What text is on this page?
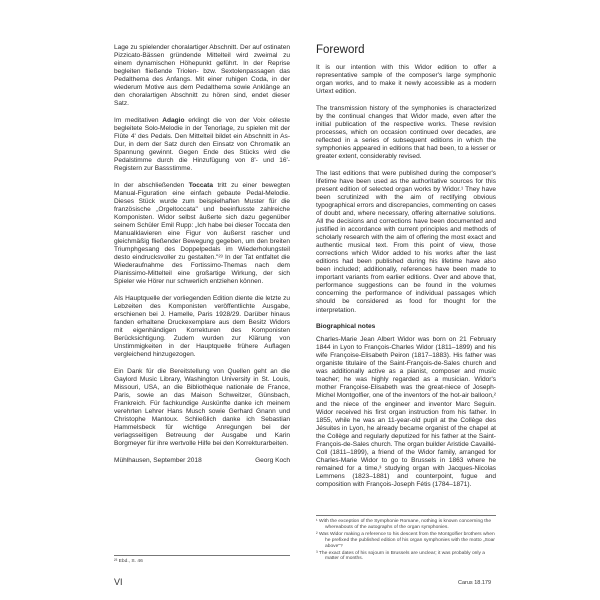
Lage zu spielender choralartiger Abschnitt. Der auf ostinaten Pizzicato-Bässen gründende Mittelteil wird zweimal zu einem dynamischen Höhepunkt geführt. In der Reprise begleiten fließende Triolen- bzw. Sextolenpassagen das Pedalthema des Anfangs. Mit einer ruhigen Coda, in der wiederum Motive aus dem Pedalthema sowie Anklänge an den choralartigen Abschnitt zu hören sind, endet dieser Satz.

Im meditativen Adagio erklingt die von der Voix céleste begleitete Solo-Melodie in der Tenorlage, zu spielen mit der Flûte 4' des Pedals. Den Mittelteil bildet ein Abschnitt in As-Dur, in dem der Satz durch den Einsatz von Chromatik an Spannung gewinnt. Gegen Ende des Stücks wird die Pedalstimme durch die Hinzufügung von 8'- und 16'-Registern zur Bassstimme.

In der abschließenden Toccata tritt zu einer bewegten Manual-Figuration eine einfach gebaute Pedal-Melodie. Dieses Stück wurde zum beispielhaften Muster für die französische „Orgeltoccata" und beeinflusste zahlreiche Komponisten. Widor selbst äußerte sich dazu gegenüber seinem Schüler Emil Rupp: „Ich habe bei dieser Toccata den Manualklavieren eine Figur von äußerst rascher und gleichmäßig fließender Bewegung gegeben, um den breiten Triumphgesang des Doppelpedals im Wiederholungsteil desto eindrucksvoller zu gestalten."²³ In der Tat entfaltet die Wiederaufnahme des Fortissimo-Themas nach dem Pianissimo-Mittelteil eine großartige Wirkung, der sich Spieler wie Hörer nur schwerlich entziehen können.

Als Hauptquelle der vorliegenden Edition diente die letzte zu Lebzeiten des Komponisten veröffentlichte Ausgabe, erschienen bei J. Hamelle, Paris 1928/29. Darüber hinaus fanden erhaltene Druckexemplare aus dem Besitz Widors mit eigenhändigen Korrekturen des Komponisten Berücksichtigung. Zudem wurden zur Klärung von Unstimmigkeiten in der Hauptquelle frühere Auflagen vergleichend hinzugezogen.

Ein Dank für die Bereitstellung von Quellen geht an die Gaylord Music Library, Washington University in St. Louis, Missouri, USA, an die Bibliothèque nationale de France, Paris, sowie an das Maison Schweitzer, Günsbach, Frankreich. Für fachkundige Auskünfte danke ich meinem verehrten Lehrer Hans Musch sowie Gerhard Gnann und Christophe Mantoux. Schließlich danke ich Sebastian Hammelsbeck für wichtige Anregungen bei der verlagsseitigen Betreuung der Ausgabe und Karin Borgmeyer für ihre wertvolle Hilfe bei den Korrekturarbeiten.

Mühlhausen, September 2018	Georg Koch
Foreword

It is our intention with this Widor edition to offer a representative sample of the composer's large symphonic organ works, and to make it newly accessible as a modern Urtext edition.

The transmission history of the symphonies is characterized by the continual changes that Widor made, even after the initial publication of the respective works. These revision processes, which on occasion continued over decades, are reflected in a series of subsequent editions in which the symphonies appeared in editions that had been, to a lesser or greater extent, considerably revised.

The last editions that were published during the composer's lifetime have been used as the authoritative sources for this present edition of selected organ works by Widor.¹ They have been scrutinized with the aim of rectifying obvious typographical errors and discrepancies, commenting on cases of doubt and, where necessary, offering alternative solutions. All the decisions and corrections have been documented and justified in accordance with current principles and methods of scholarly research with the aim of offering the most exact and authentic musical text. From this point of view, those corrections which Widor added to his works after the last editions had been published during his lifetime have also been included; additionally, references have been made to important variants from earlier editions. Over and above that, performance suggestions can be found in the volumes concerning the performance of individual passages which should be considered as food for thought for the interpretation.

Biographical notes

Charles-Marie Jean Albert Widor was born on 21 February 1844 in Lyon to François-Charles Widor (1811–1899) and his wife Françoise-Elisabeth Peiron (1817–1883). His father was organiste titulaire of the Saint-François-de-Sales church and was additionally active as a pianist, composer and music teacher; he was highly regarded as a musician. Widor's mother Françoise-Elisabeth was the great-niece of Joseph-Michel Montgolfier, one of the inventors of the hot-air balloon,² and the niece of the engineer and inventor Marc Seguin. Widor received his first organ instruction from his father. In 1855, while he was an 11-year-old pupil at the Collège des Jésuites in Lyon, he already became organist of the chapel at the Collège and regularly deputized for his father at the Saint-François-de-Sales church. The organ builder Aristide Cavaillé-Coll (1811–1899), a friend of the Widor family, arranged for Charles-Marie Widor to go to Brussels in 1863 where he remained for a time,³ studying organ with Jacques-Nicolas Lemmens (1823–1881) and counterpoint, fugue and composition with François-Joseph Fétis (1784–1871).

²³ Ebd., S. 46
¹ With the exception of the Symphonie Romane, nothing is known concerning the whereabouts of the autographs of the organ symphonies.
² Was Widor making a reference to his descent from the Montgolfier brothers when he prefixed the published edition of his organ symphonies with the motto „Soar above"?
³ The exact dates of his sojourn in Brussels are unclear; it was probably only a matter of months.
VI	Carus 18.179
